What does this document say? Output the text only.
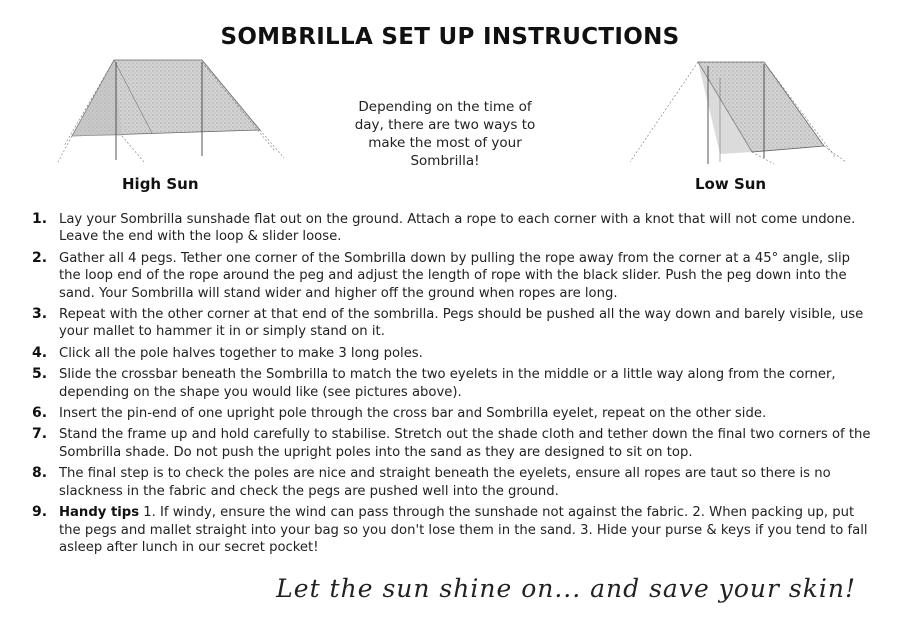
SOMBRILLA SET UP INSTRUCTIONS
High Sun
Depending on the time of day, there are two ways to make the most of your Sombrilla!
Low Sun
1. Lay your Sombrilla sunshade flat out on the ground. Attach a rope to each corner with a knot that will not come undone. Leave the end with the loop & slider loose.
2. Gather all 4 pegs. Tether one corner of the Sombrilla down by pulling the rope away from the corner at a 45° angle, slip the loop end of the rope around the peg and adjust the length of rope with the black slider. Push the peg down into the sand. Your Sombrilla will stand wider and higher off the ground when ropes are long.
3. Repeat with the other corner at that end of the sombrilla. Pegs should be pushed all the way down and barely visible, use your mallet to hammer it in or simply stand on it.
4. Click all the pole halves together to make 3 long poles.
5. Slide the crossbar beneath the Sombrilla to match the two eyelets in the middle or a little way along from the corner, depending on the shape you would like (see pictures above).
6. Insert the pin-end of one upright pole through the cross bar and Sombrilla eyelet, repeat on the other side.
7. Stand the frame up and hold carefully to stabilise. Stretch out the shade cloth and tether down the final two corners of the Sombrilla shade. Do not push the upright poles into the sand as they are designed to sit on top.
8. The final step is to check the poles are nice and straight beneath the eyelets, ensure all ropes are taut so there is no slackness in the fabric and check the pegs are pushed well into the ground.
9. Handy tips 1. If windy, ensure the wind can pass through the sunshade not against the fabric. 2. When packing up, put the pegs and mallet straight into your bag so you don't lose them in the sand. 3. Hide your purse & keys if you tend to fall asleep after lunch in our secret pocket!
Let the sun shine on... and save your skin!
